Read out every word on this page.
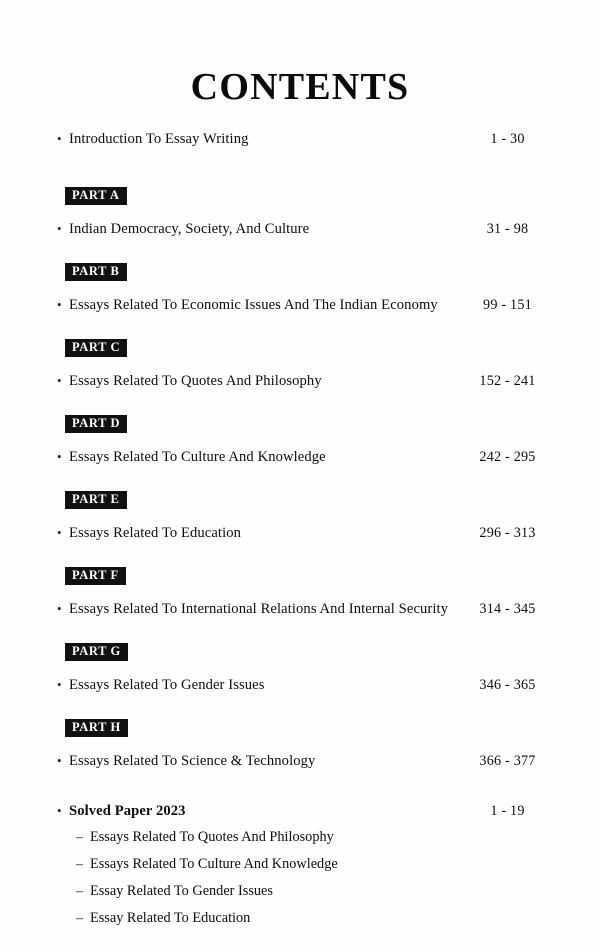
CONTENTS
• Introduction To Essay Writing	1 - 30
PART A
• Indian Democracy, Society, And Culture	31 - 98
PART B
• Essays Related To Economic Issues And The Indian Economy	99 - 151
PART C
• Essays Related To Quotes And Philosophy	152 - 241
PART D
• Essays Related To Culture And Knowledge	242 - 295
PART E
• Essays Related To Education	296 - 313
PART F
• Essays Related To International Relations And Internal Security	314 - 345
PART G
• Essays Related To Gender Issues	346 - 365
PART H
• Essays Related To Science & Technology	366 - 377
• Solved Paper 2023	1 - 19
– Essays Related To Quotes And Philosophy
– Essays Related To Culture And Knowledge
– Essay Related To Gender Issues
– Essay Related To Education
